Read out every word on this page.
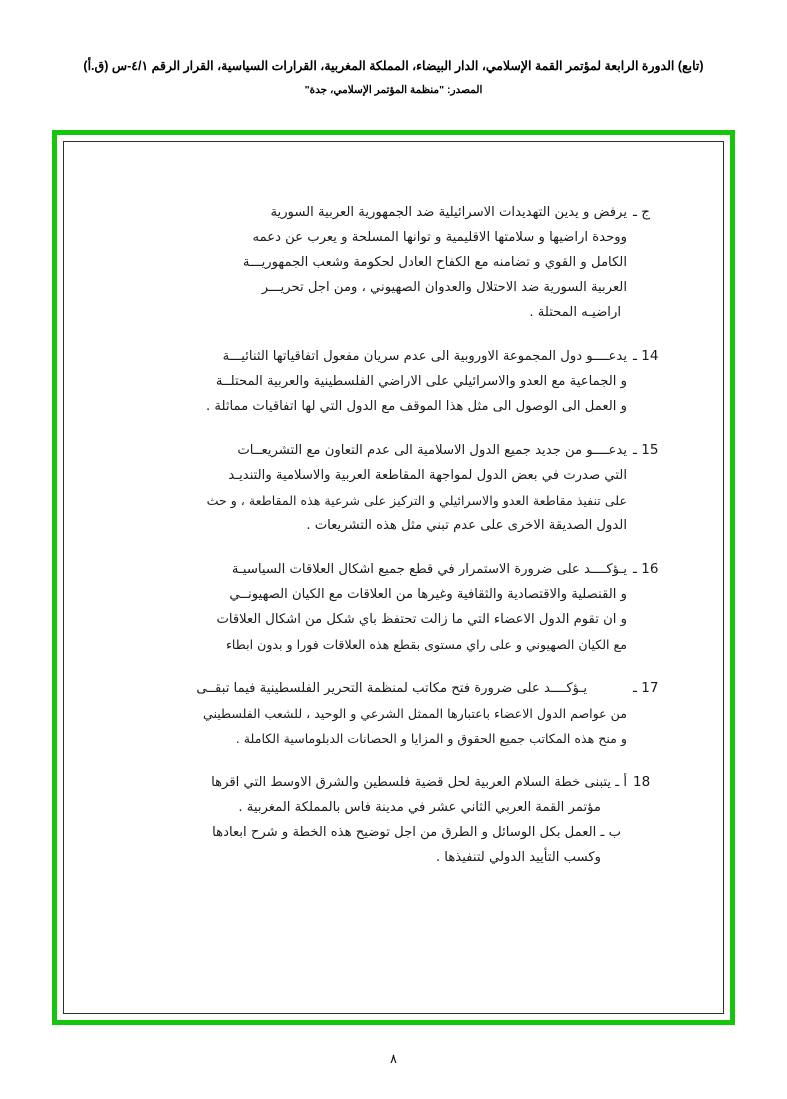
(تابع) الدورة الرابعة لمؤتمر القمة الإسلامي، الدار البيضاء، المملكة المغربية، القرارات السياسية، القرار الرقم ٤/١-س (ق.أ)
المصدر: "منظمة المؤتمر الإسلامي، جدة"
ج ـ
يرفض و يدين التهديدات الاسرائيلية ضد الجمهورية العربية السورية
ووحدة اراضيها و سلامتها الاقليمية و توانها المسلحة و يعرب عن دعمه
الكامل و القوي و تضامنه مع الكفاح العادل لحكومة وشعب الجمهوريـــة
العربية السورية ضد الاحتلال والعدوان الصهيوني ، ومن اجل تحريـــر
اراضيـه المحتلة .
14 ـ
يدعــــو دول المجموعة الاوروبية الى عدم سريان مفعول اتفاقياتها الثنائيـــة
و الجماعية مع العدو والاسرائيلي على الاراضي الفلسطينية والعربية المحتلــة
و العمل الى الوصول الى مثل هذا الموقف مع الدول التي لها اتفاقيات مماثلة .
15 ـ
يدعــــو من جديد جميع الدول الاسلامية الى عدم التعاون مع التشريعــات
التي صدرت في بعض الدول لمواجهة المقاطعة العربية والاسلامية والتنديـد
على تنفيذ مقاطعة العدو والاسرائيلي و التركيز على شرعية هذه المقاطعة ، و حث
الدول الصديقة الاخرى على عدم تبني مثل هذه التشريعات .
16 ـ
يـؤكــــد على ضرورة الاستمرار في قطع جميع اشكال العلاقات السياسيـة
و القنصلية والاقتصادية والثقافية وغيرها من العلاقات مع الكيان الصهيونــي
و ان تقوم الدول الاعضاء التي ما زالت تحتفظ باي شكل من اشكال العلاقات
مع الكيان الصهيوني و على راي مستوى بقطع هذه العلاقات فورا و بدون ابطاء
17 ـ
يـؤكــــد على ضرورة فتح مكاتب لمنظمة التحرير الفلسطينية فيما تبقــى
من عواصم الدول الاعضاء باعتبارها الممثل الشرعي و الوحيد ، للشعب الفلسطيني
و منح هذه المكاتب جميع الحقوق و المزايا و الحصانات الدبلوماسية الكاملة .
18
أ ـ يتبنى خطة السلام العربية لحل قضية فلسطين والشرق الاوسط التي اقرها
مؤتمر القمة العربي الثاني عشر في مدينة فاس بالمملكة المغربية .
ب ـ العمل بكل الوسائل و الطرق من اجل توضيح هذه الخطة و شرح ابعادها
وكسب التأييد الدولي لتنفيذها .
٨
